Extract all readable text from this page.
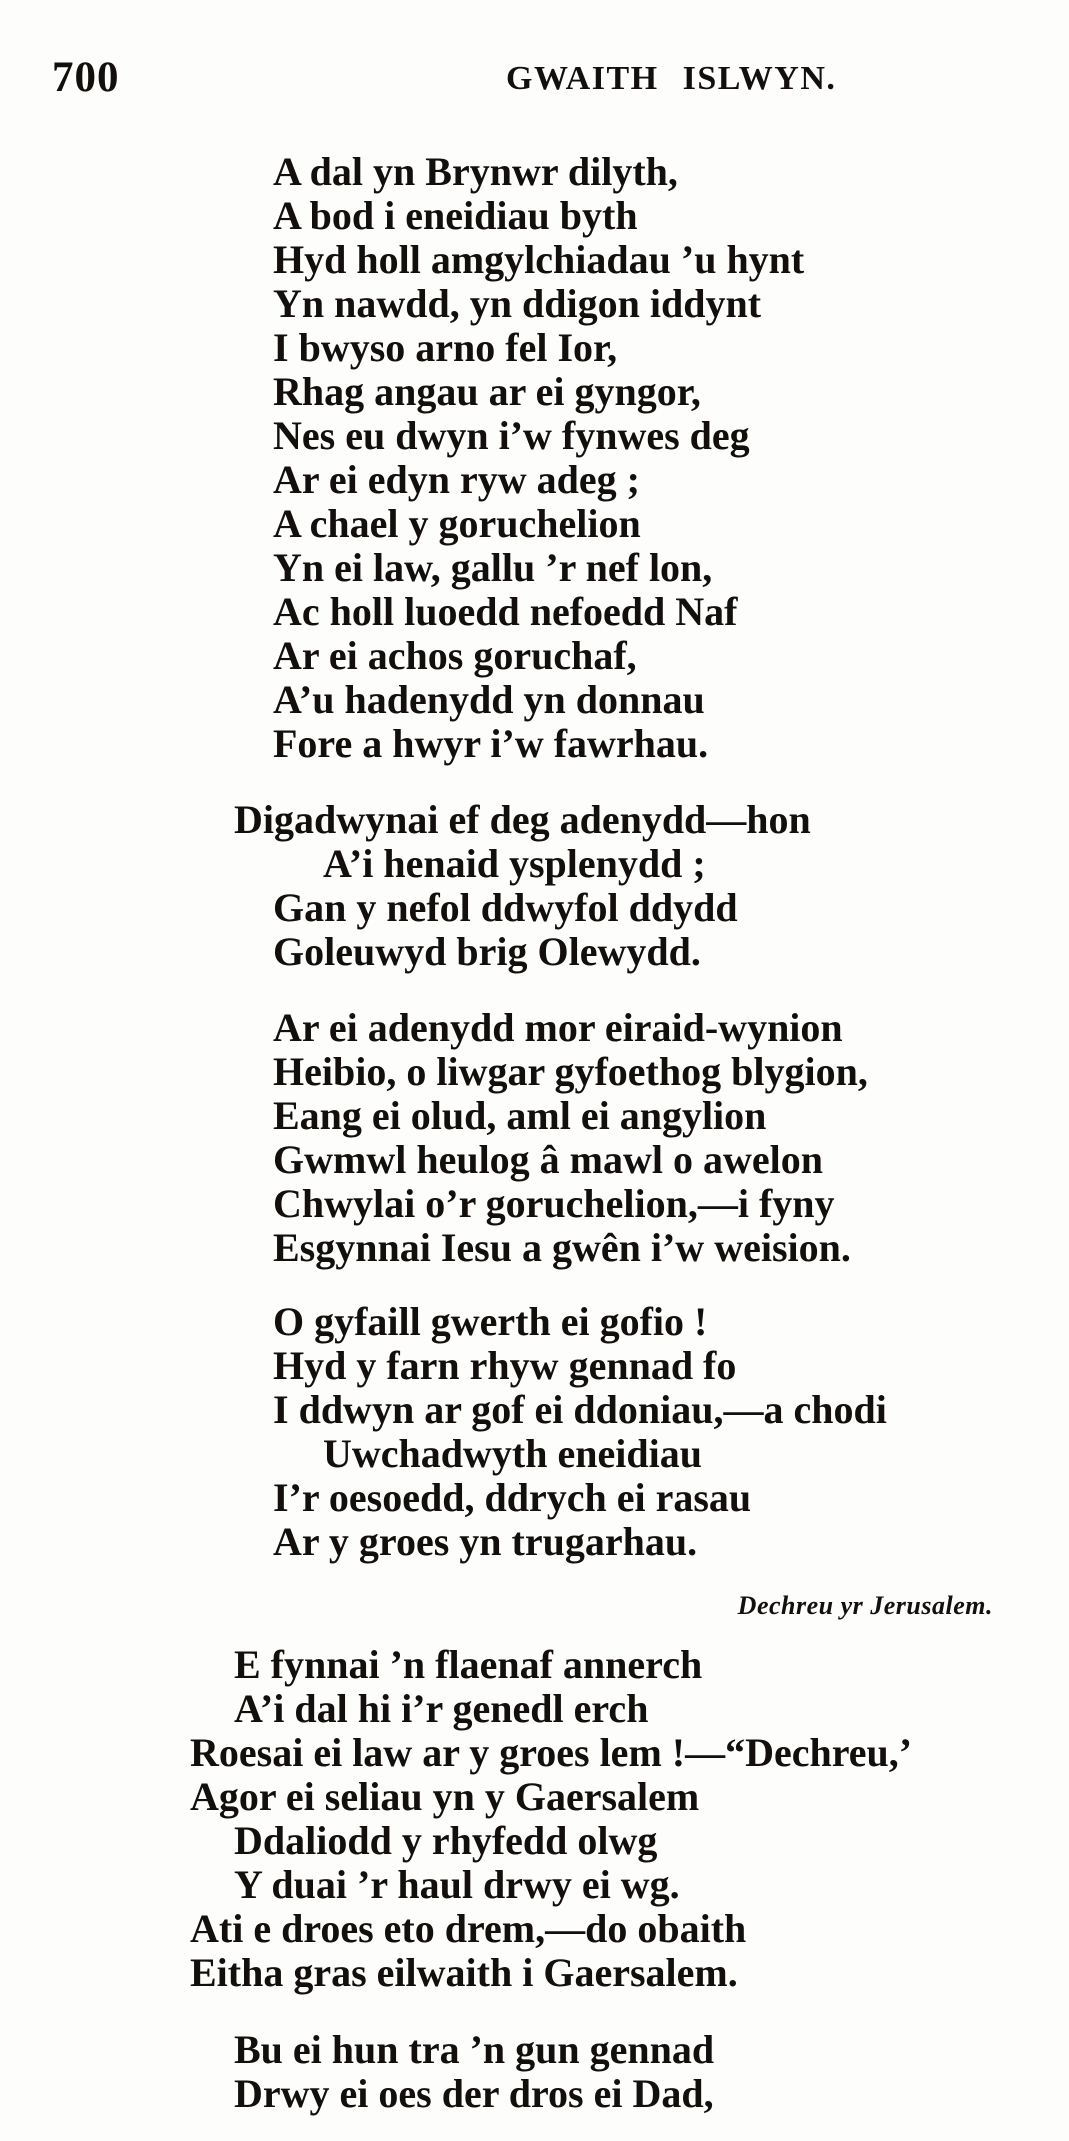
700	GWAITH ISLWYN.
A dal yn Brynwr dilyth,
A bod i eneidiau byth
Hyd holl amgylchiadau ’u hynt
Yn nawdd, yn ddigon iddynt
I bwyso arno fel Ior,
Rhag angau ar ei gyngor,
Nes eu dwyn i’w fynwes deg
Ar ei edyn ryw adeg ;
A chael y goruchelion
Yn ei law, gallu ’r nef lon,
Ac holl luoedd nefoedd Naf
Ar ei achos goruchaf,
A’u hadenydd yn donnau
Fore a hwyr i’w fawrhau.
Digadwynai ef deg adenydd—hon
A’i henaid ysplenydd ;
Gan y nefol ddwyfol ddydd
Goleuwyd brig Olewydd.
Ar ei adenydd mor eiraid-wynion
Heibio, o liwgar gyfoethog blygion,
Eang ei olud, aml ei angylion
Gwmwl heulog â mawl o awelon
Chwylai o’r goruchelion,—i fyny
Esgynnai Iesu a gwên i’w weision.
O gyfaill gwerth ei gofio !
Hyd y farn rhyw gennad fo
I ddwyn ar gof ei ddoniau,—a chodi
Uwchadwyth eneidiau
I’r oesoedd, ddrych ei rasau
Ar y groes yn trugarhau.
Dechreu yr Jerusalem.
E fynnai ’n flaenaf annerch
A’i dal hi i’r genedl erch
Roesai ei law ar y groes lem !—“Dechreu,’
Agor ei seliau yn y Gaersalem
Ddaliodd y rhyfedd olwg
Y duai ’r haul drwy ei wg.
Ati e droes eto drem,—do obaith
Eitha gras eilwaith i Gaersalem.
Bu ei hun tra ’n gun gennad
Drwy ei oes der dros ei Dad,
